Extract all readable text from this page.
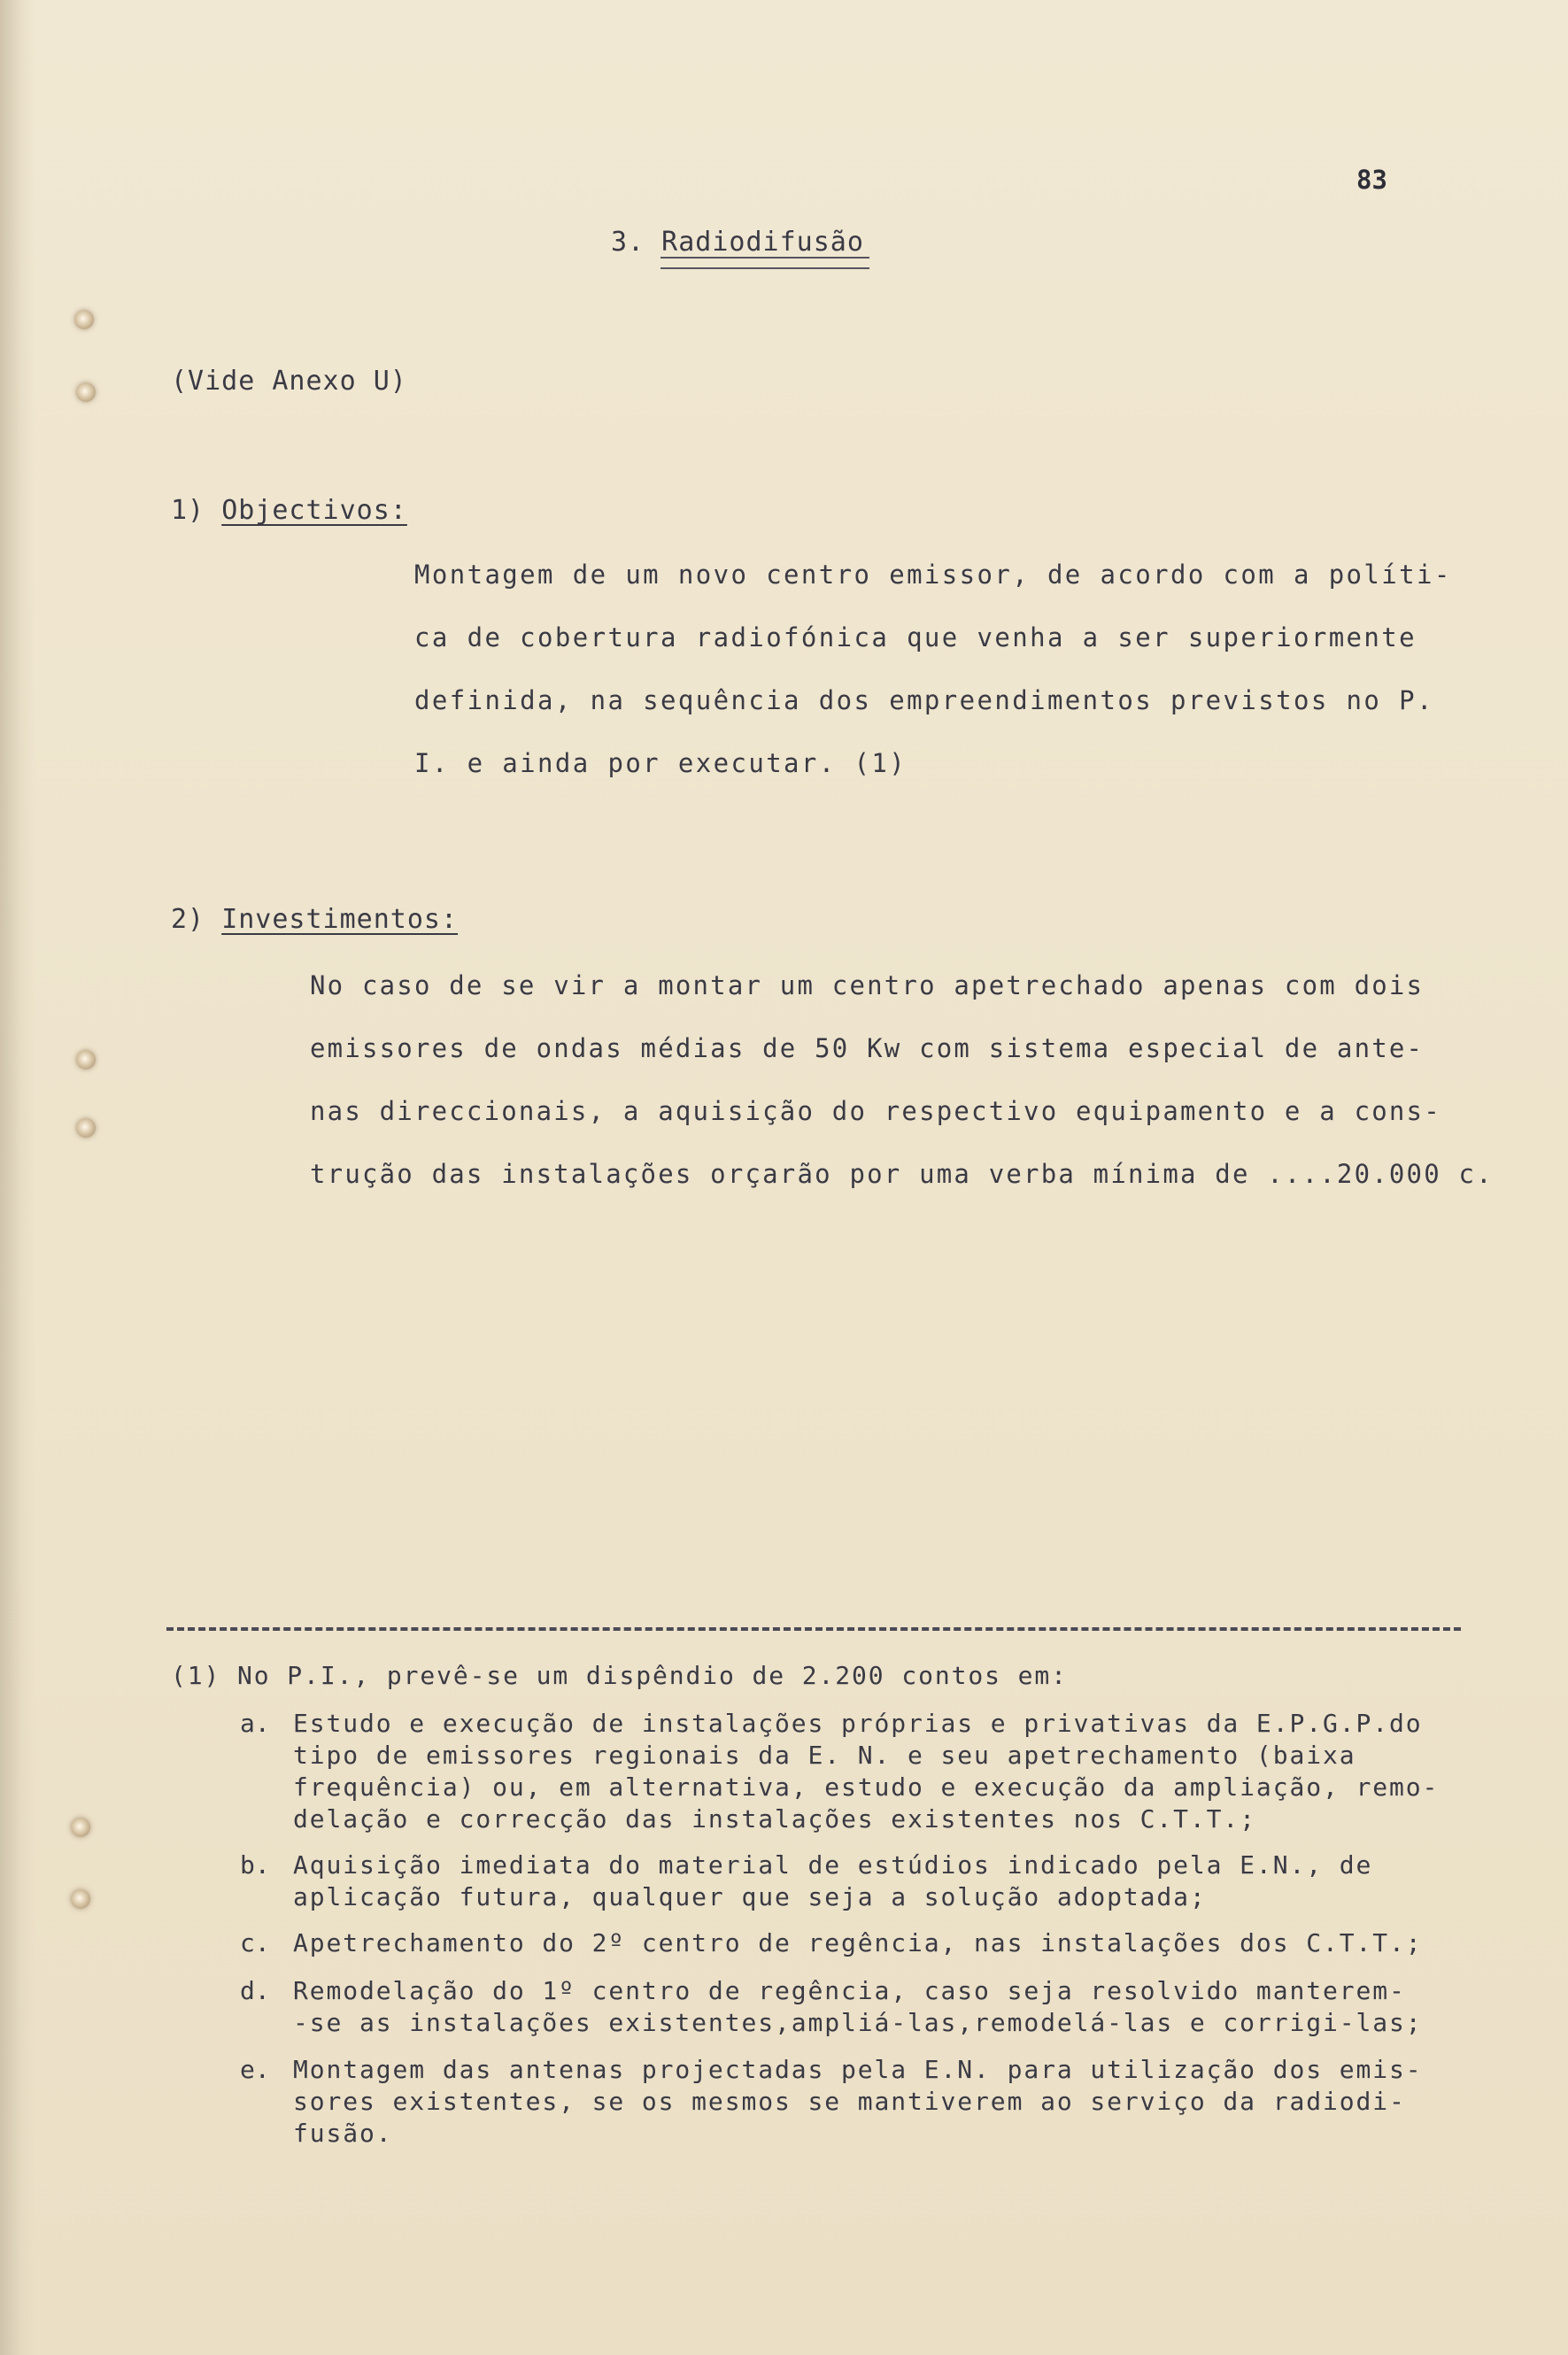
83
3. Radiodifusão
(Vide Anexo U)
1) Objectivos:
Montagem de um novo centro emissor, de acordo com a políti-
ca de cobertura radiofónica que venha a ser superiormente
definida, na sequência dos empreendimentos previstos no P.
I. e ainda por executar. (1)
2) Investimentos:
No caso de se vir a montar um centro apetrechado apenas com dois
emissores de ondas médias de 50 Kw com sistema especial de ante-
nas direccionais, a aquisição do respectivo equipamento e a cons-
trução das instalações orçarão por uma verba mínima de ....20.000 c.
(1) No P.I., prevê-se um dispêndio de 2.200 contos em:
a. Estudo e execução de instalações próprias e privativas da E.P.G.P.do
tipo de emissores regionais da E. N. e seu apetrechamento (baixa
frequência) ou, em alternativa, estudo e execução da ampliação, remo-
delação e correcção das instalações existentes nos C.T.T.;
b. Aquisição imediata do material de estúdios indicado pela E.N., de
aplicação futura, qualquer que seja a solução adoptada;
c. Apetrechamento do 2º centro de regência, nas instalações dos C.T.T.;
d. Remodelação do 1º centro de regência, caso seja resolvido manterem-
-se as instalações existentes,ampliá-las,remodelá-las e corrigi-las;
e. Montagem das antenas projectadas pela E.N. para utilização dos emis-
sores existentes, se os mesmos se mantiverem ao serviço da radiodi-
fusão.
